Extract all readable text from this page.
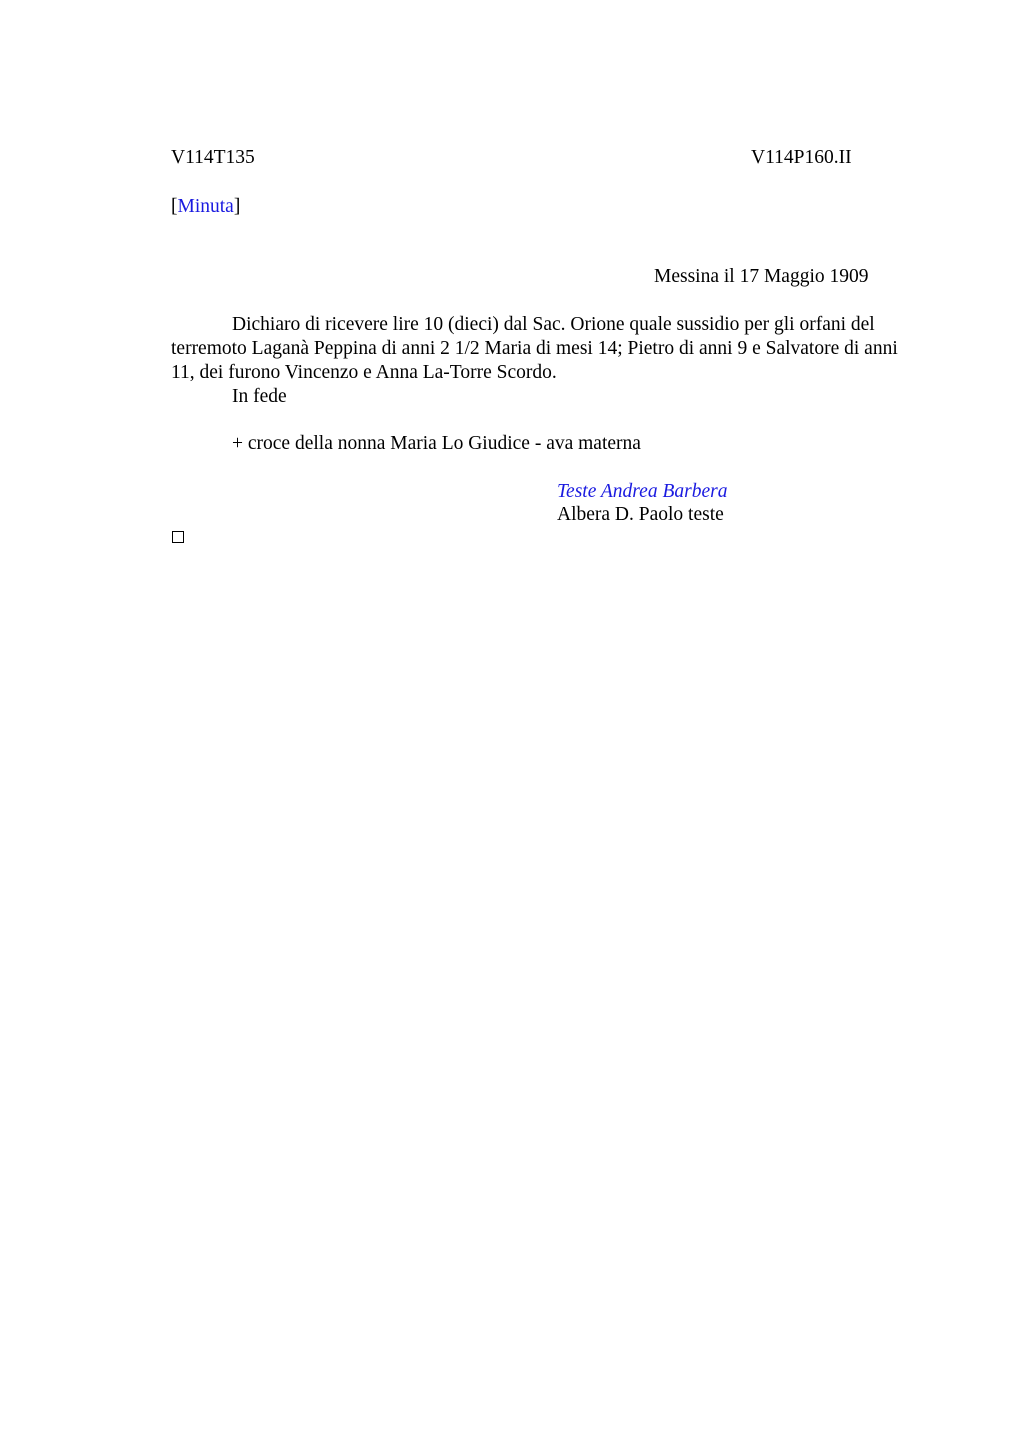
V114T135	V114P160.II
[Minuta]
Messina il 17 Maggio 1909
Dichiaro di ricevere lire 10 (dieci) dal Sac. Orione quale sussidio per gli orfani del terremoto Laganà Peppina di anni 2 1/2 Maria di mesi 14; Pietro di anni 9 e Salvatore di anni 11, dei furono Vincenzo e Anna La-Torre Scordo.
In fede
+ croce della nonna Maria Lo Giudice - ava materna
Teste Andrea Barbera
Albera D. Paolo teste
